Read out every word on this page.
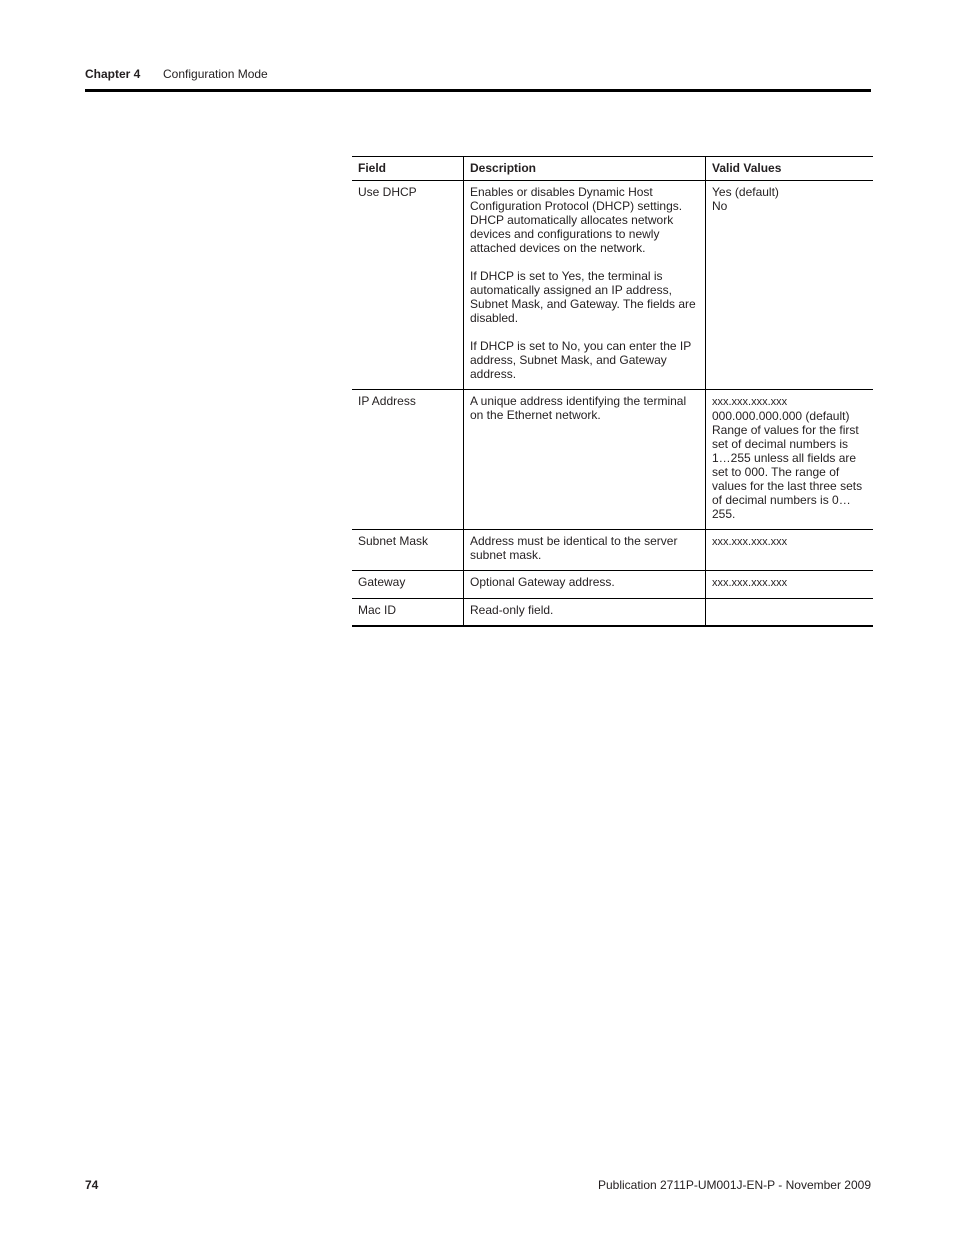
Chapter 4 Configuration Mode
Field	Description	Valid Values
Use DHCP	Enables or disables Dynamic Host Configuration Protocol (DHCP) settings. DHCP automatically allocates network devices and configurations to newly attached devices on the network.

If DHCP is set to Yes, the terminal is automatically assigned an IP address, Subnet Mask, and Gateway. The fields are disabled.

If DHCP is set to No, you can enter the IP address, Subnet Mask, and Gateway address.	Yes (default)
No
IP Address	A unique address identifying the terminal on the Ethernet network.	xxx.xxx.xxx.xxx
000.000.000.000 (default)
Range of values for the first set of decimal numbers is 1…255 unless all fields are set to 000. The range of values for the last three sets of decimal numbers is 0…255.
Subnet Mask	Address must be identical to the server subnet mask.	xxx.xxx.xxx.xxx
Gateway	Optional Gateway address.	xxx.xxx.xxx.xxx
Mac ID	Read-only field.	
74	Publication 2711P-UM001J-EN-P - November 2009
